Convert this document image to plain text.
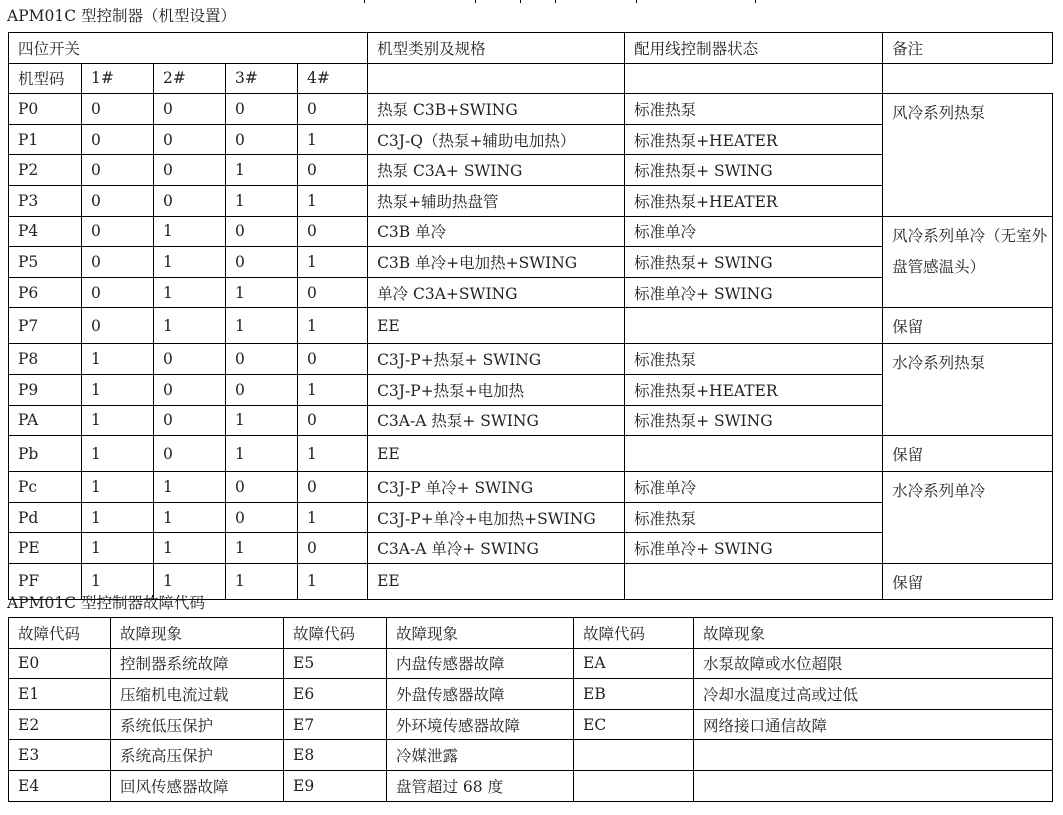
APM01C 型控制器（机型设置）
四位开关					机型类别及规格	配用线控制器状态	备注
机型码	1#	2#	3#	4#			
P0	0	0	0	0	热泵 C3B+SWING	标准热泵	风冷系列热泵
P1	0	0	0	1	C3J-Q（热泵+辅助电加热）	标准热泵+HEATER	
P2	0	0	1	0	热泵 C3A+ SWING	标准热泵+ SWING	
P3	0	0	1	1	热泵+辅助热盘管	标准热泵+HEATER	
P4	0	1	0	0	C3B 单冷	标准单冷	风冷系列单冷（无室外盘管感温头）
P5	0	1	0	1	C3B 单冷+电加热+SWING	标准热泵+ SWING	
P6	0	1	1	0	单冷 C3A+SWING	标准单冷+ SWING	
P7	0	1	1	1	EE		保留
P8	1	0	0	0	C3J-P+热泵+ SWING	标准热泵	水冷系列热泵
P9	1	0	0	1	C3J-P+热泵+电加热	标准热泵+HEATER	
PA	1	0	1	0	C3A-A 热泵+ SWING	标准热泵+ SWING	
Pb	1	0	1	1	EE		保留
Pc	1	1	0	0	C3J-P 单冷+ SWING	标准单冷	水冷系列单冷
Pd	1	1	0	1	C3J-P+单冷+电加热+SWING	标准热泵	
PE	1	1	1	0	C3A-A 单冷+ SWING	标准单冷+ SWING	
PF	1	1	1	1	EE		保留
APM01C 型控制器故障代码
故障代码	故障现象	故障代码	故障现象	故障代码	故障现象
E0	控制器系统故障	E5	内盘传感器故障	EA	水泵故障或水位超限
E1	压缩机电流过载	E6	外盘传感器故障	EB	冷却水温度过高或过低
E2	系统低压保护	E7	外环境传感器故障	EC	网络接口通信故障
E3	系统高压保护	E8	冷媒泄露		
E4	回风传感器故障	E9	盘管超过 68 度		
